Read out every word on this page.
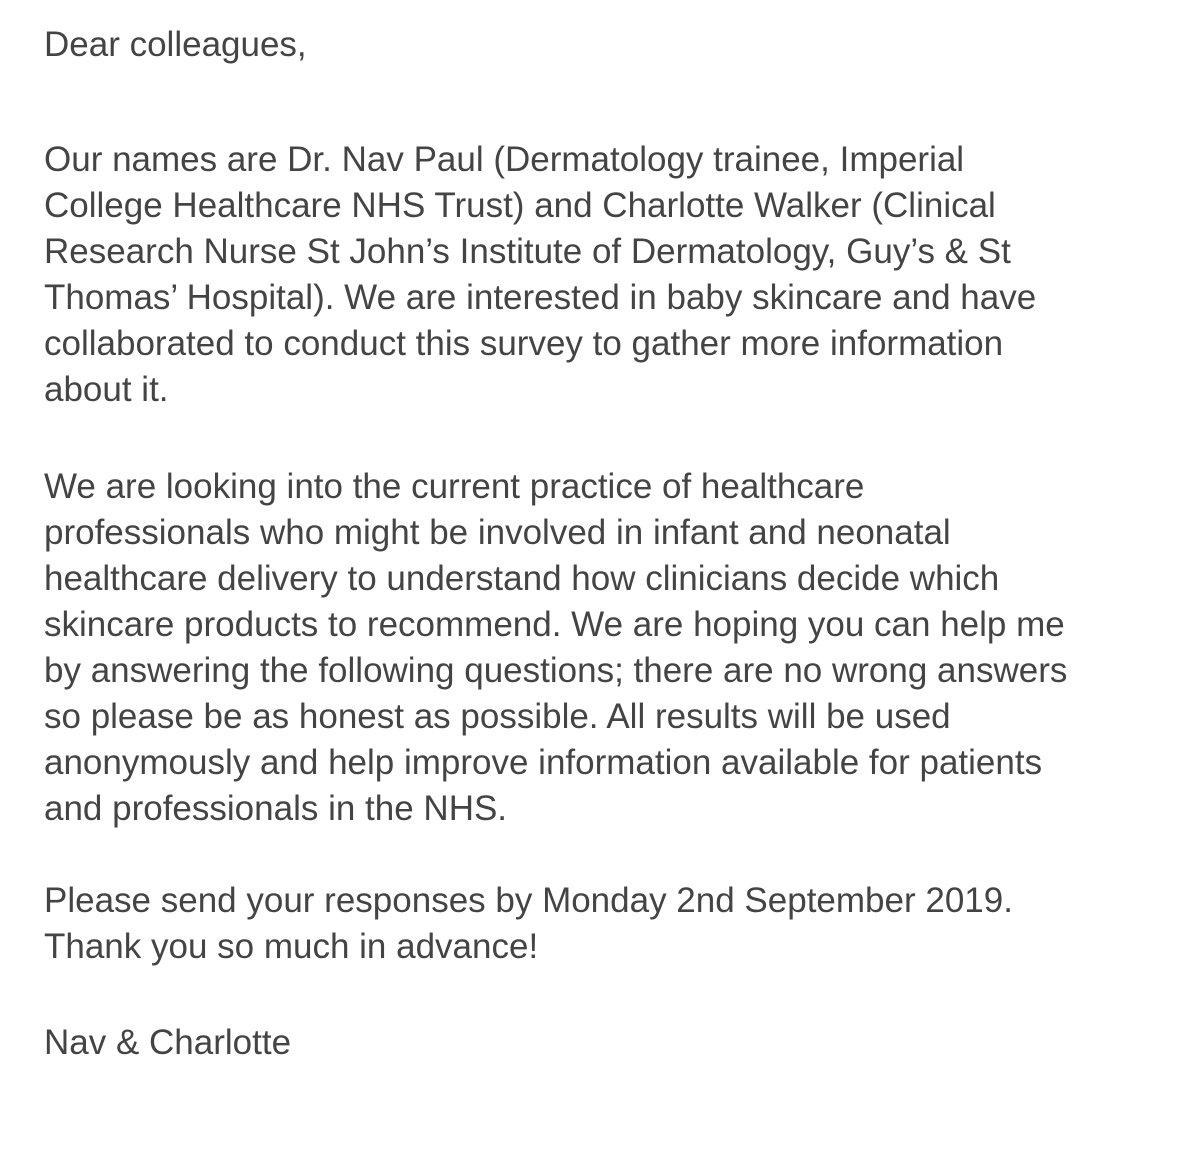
Dear colleagues,
Our names are Dr. Nav Paul (Dermatology trainee, Imperial
College Healthcare NHS Trust) and Charlotte Walker (Clinical
Research Nurse St John’s Institute of Dermatology, Guy’s & St
Thomas’ Hospital). We are interested in baby skincare and have
collaborated to conduct this survey to gather more information
about it.
We are looking into the current practice of healthcare
professionals who might be involved in infant and neonatal
healthcare delivery to understand how clinicians decide which
skincare products to recommend. We are hoping you can help me
by answering the following questions; there are no wrong answers
so please be as honest as possible. All results will be used
anonymously and help improve information available for patients
and professionals in the NHS.
Please send your responses by Monday 2nd September 2019.
Thank you so much in advance!
Nav & Charlotte
